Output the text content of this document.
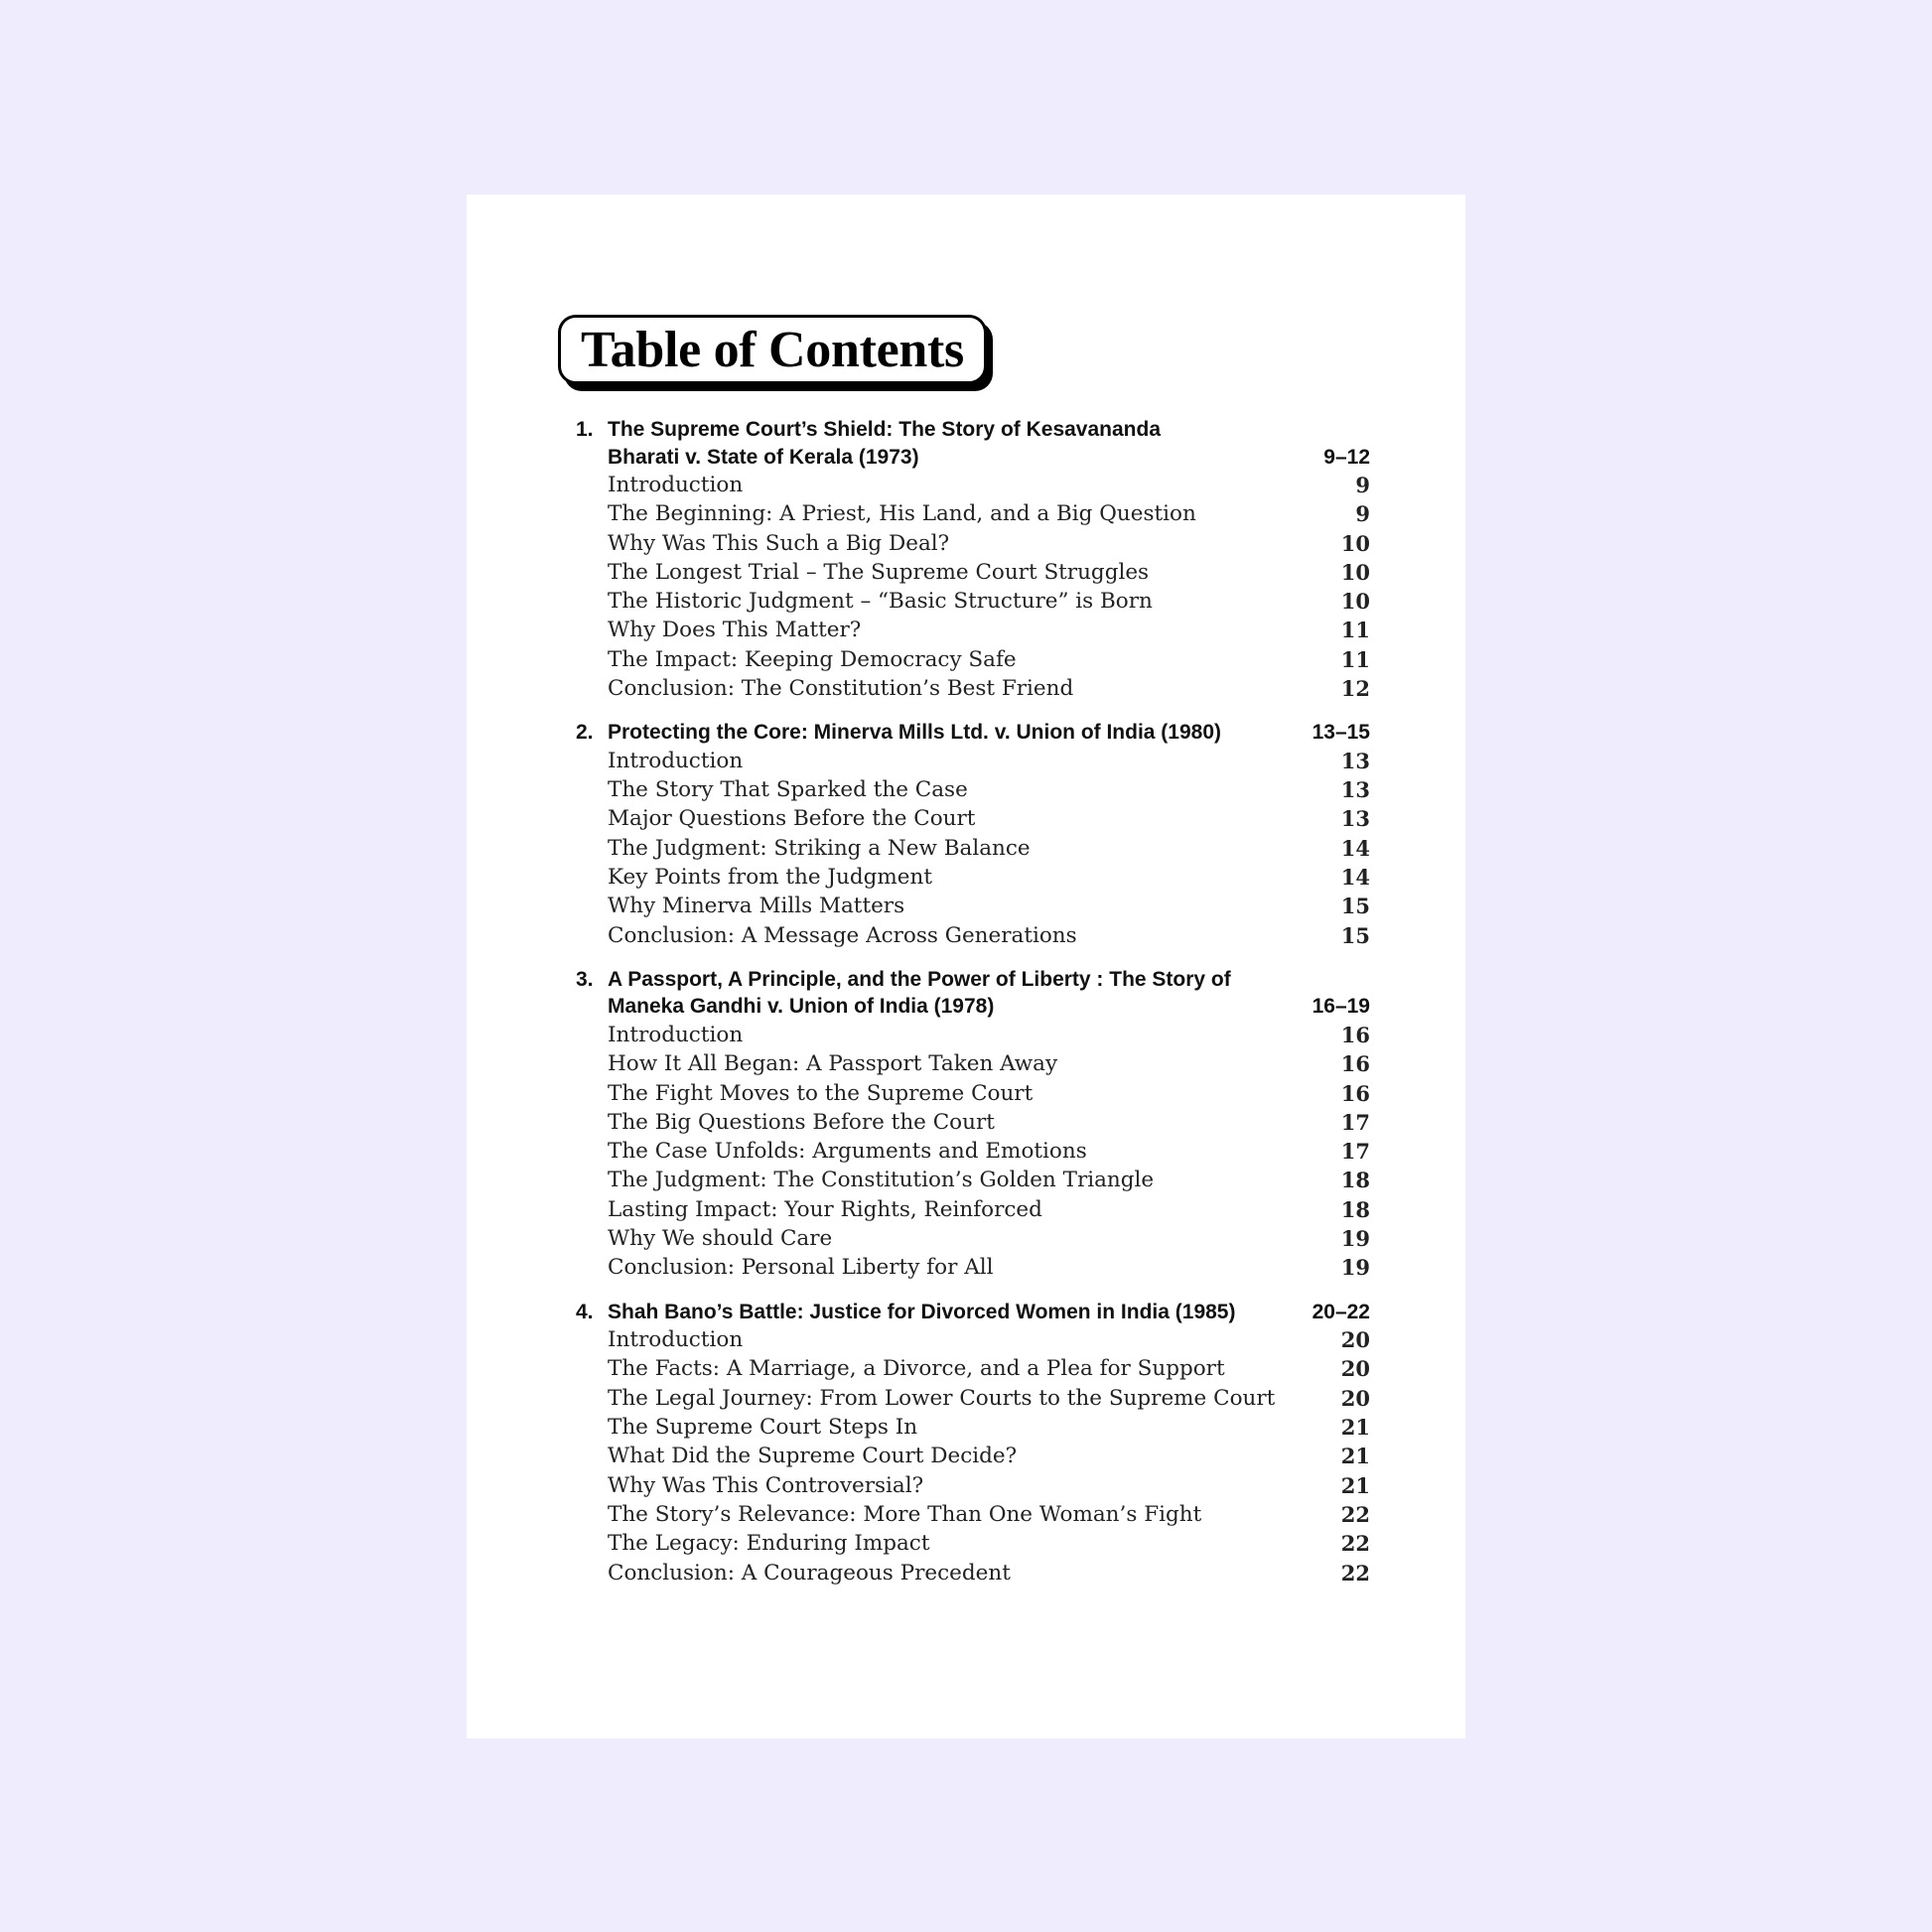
Table of Contents
1. The Supreme Court’s Shield: The Story of Kesavananda
Bharati v. State of Kerala (1973)	9–12
Introduction	9
The Beginning: A Priest, His Land, and a Big Question	9
Why Was This Such a Big Deal?	10
The Longest Trial – The Supreme Court Struggles	10
The Historic Judgment – “Basic Structure” is Born	10
Why Does This Matter?	11
The Impact: Keeping Democracy Safe	11
Conclusion: The Constitution’s Best Friend	12
2. Protecting the Core: Minerva Mills Ltd. v. Union of India (1980)	13–15
Introduction	13
The Story That Sparked the Case	13
Major Questions Before the Court	13
The Judgment: Striking a New Balance	14
Key Points from the Judgment	14
Why Minerva Mills Matters	15
Conclusion: A Message Across Generations	15
3. A Passport, A Principle, and the Power of Liberty : The Story of
Maneka Gandhi v. Union of India (1978)	16–19
Introduction	16
How It All Began: A Passport Taken Away	16
The Fight Moves to the Supreme Court	16
The Big Questions Before the Court	17
The Case Unfolds: Arguments and Emotions	17
The Judgment: The Constitution’s Golden Triangle	18
Lasting Impact: Your Rights, Reinforced	18
Why We should Care	19
Conclusion: Personal Liberty for All	19
4. Shah Bano’s Battle: Justice for Divorced Women in India (1985)	20–22
Introduction	20
The Facts: A Marriage, a Divorce, and a Plea for Support	20
The Legal Journey: From Lower Courts to the Supreme Court	20
The Supreme Court Steps In	21
What Did the Supreme Court Decide?	21
Why Was This Controversial?	21
The Story’s Relevance: More Than One Woman’s Fight	22
The Legacy: Enduring Impact	22
Conclusion: A Courageous Precedent	22
